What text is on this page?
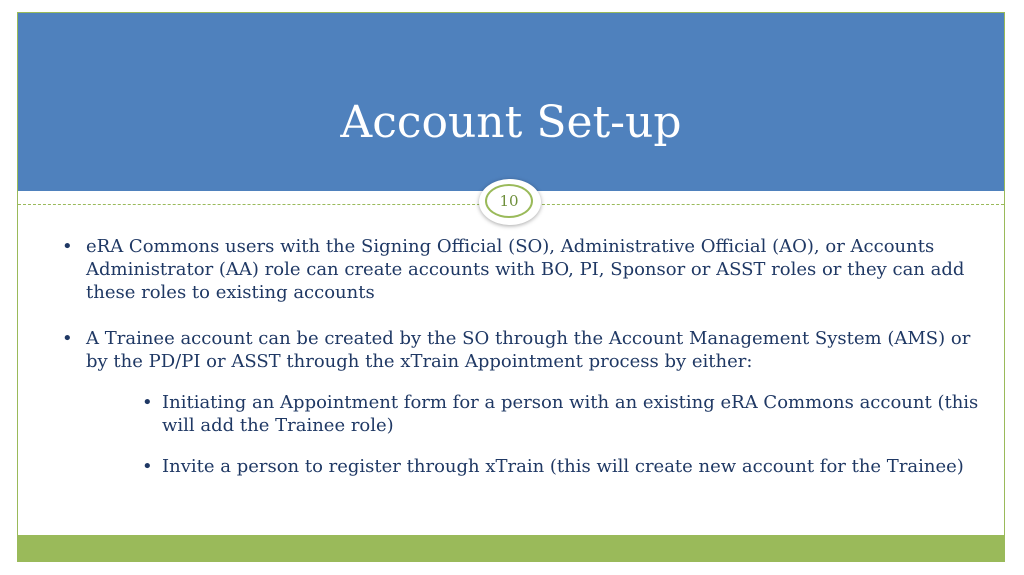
Account Set-up
10

• eRA Commons users with the Signing Official (SO), Administrative Official (AO), or Accounts Administrator (AA) role can create accounts with BO, PI, Sponsor or ASST roles or they can add these roles to existing accounts

• A Trainee account can be created by the SO through the Account Management System (AMS) or by the PD/PI or ASST through the xTrain Appointment process by either:

• Initiating an Appointment form for a person with an existing eRA Commons account (this will add the Trainee role)

• Invite a person to register through xTrain (this will create new account for the Trainee)
